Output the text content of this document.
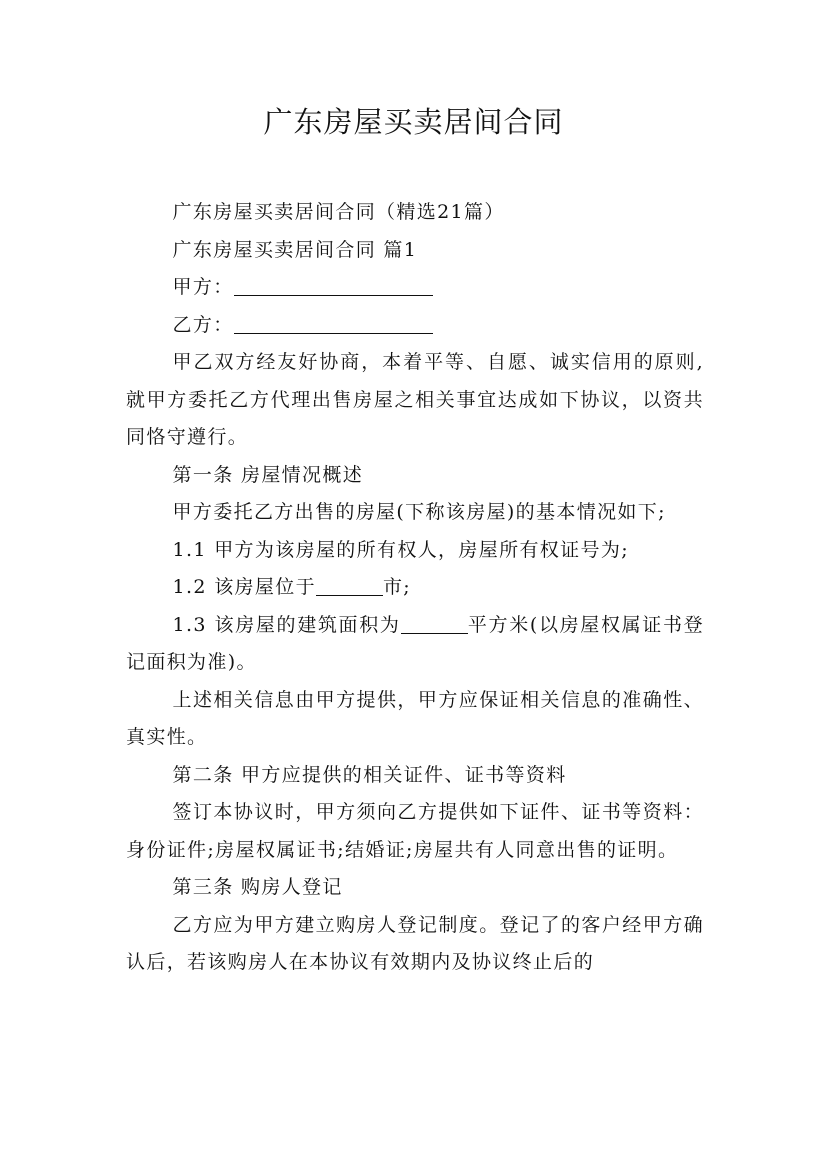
广东房屋买卖居间合同

广东房屋买卖居间合同（精选21篇）

广东房屋买卖居间合同 篇1

甲方：

乙方：

甲乙双方经友好协商，本着平等、自愿、诚实信用的原则,就甲方委托乙方代理出售房屋之相关事宜达成如下协议，以资共同恪守遵行。

第一条 房屋情况概述

甲方委托乙方出售的房屋(下称该房屋)的基本情况如下;

1.1 甲方为该房屋的所有权人，房屋所有权证号为;

1.2 该房屋位于	市;

1.3 该房屋的建筑面积为	平方米(以房屋权属证书登记面积为准)。

上述相关信息由甲方提供，甲方应保证相关信息的准确性、真实性。

第二条 甲方应提供的相关证件、证书等资料

签订本协议时，甲方须向乙方提供如下证件、证书等资料：身份证件;房屋权属证书;结婚证;房屋共有人同意出售的证明。

第三条 购房人登记

乙方应为甲方建立购房人登记制度。登记了的客户经甲方确认后，若该购房人在本协议有效期内及协议终止后的
